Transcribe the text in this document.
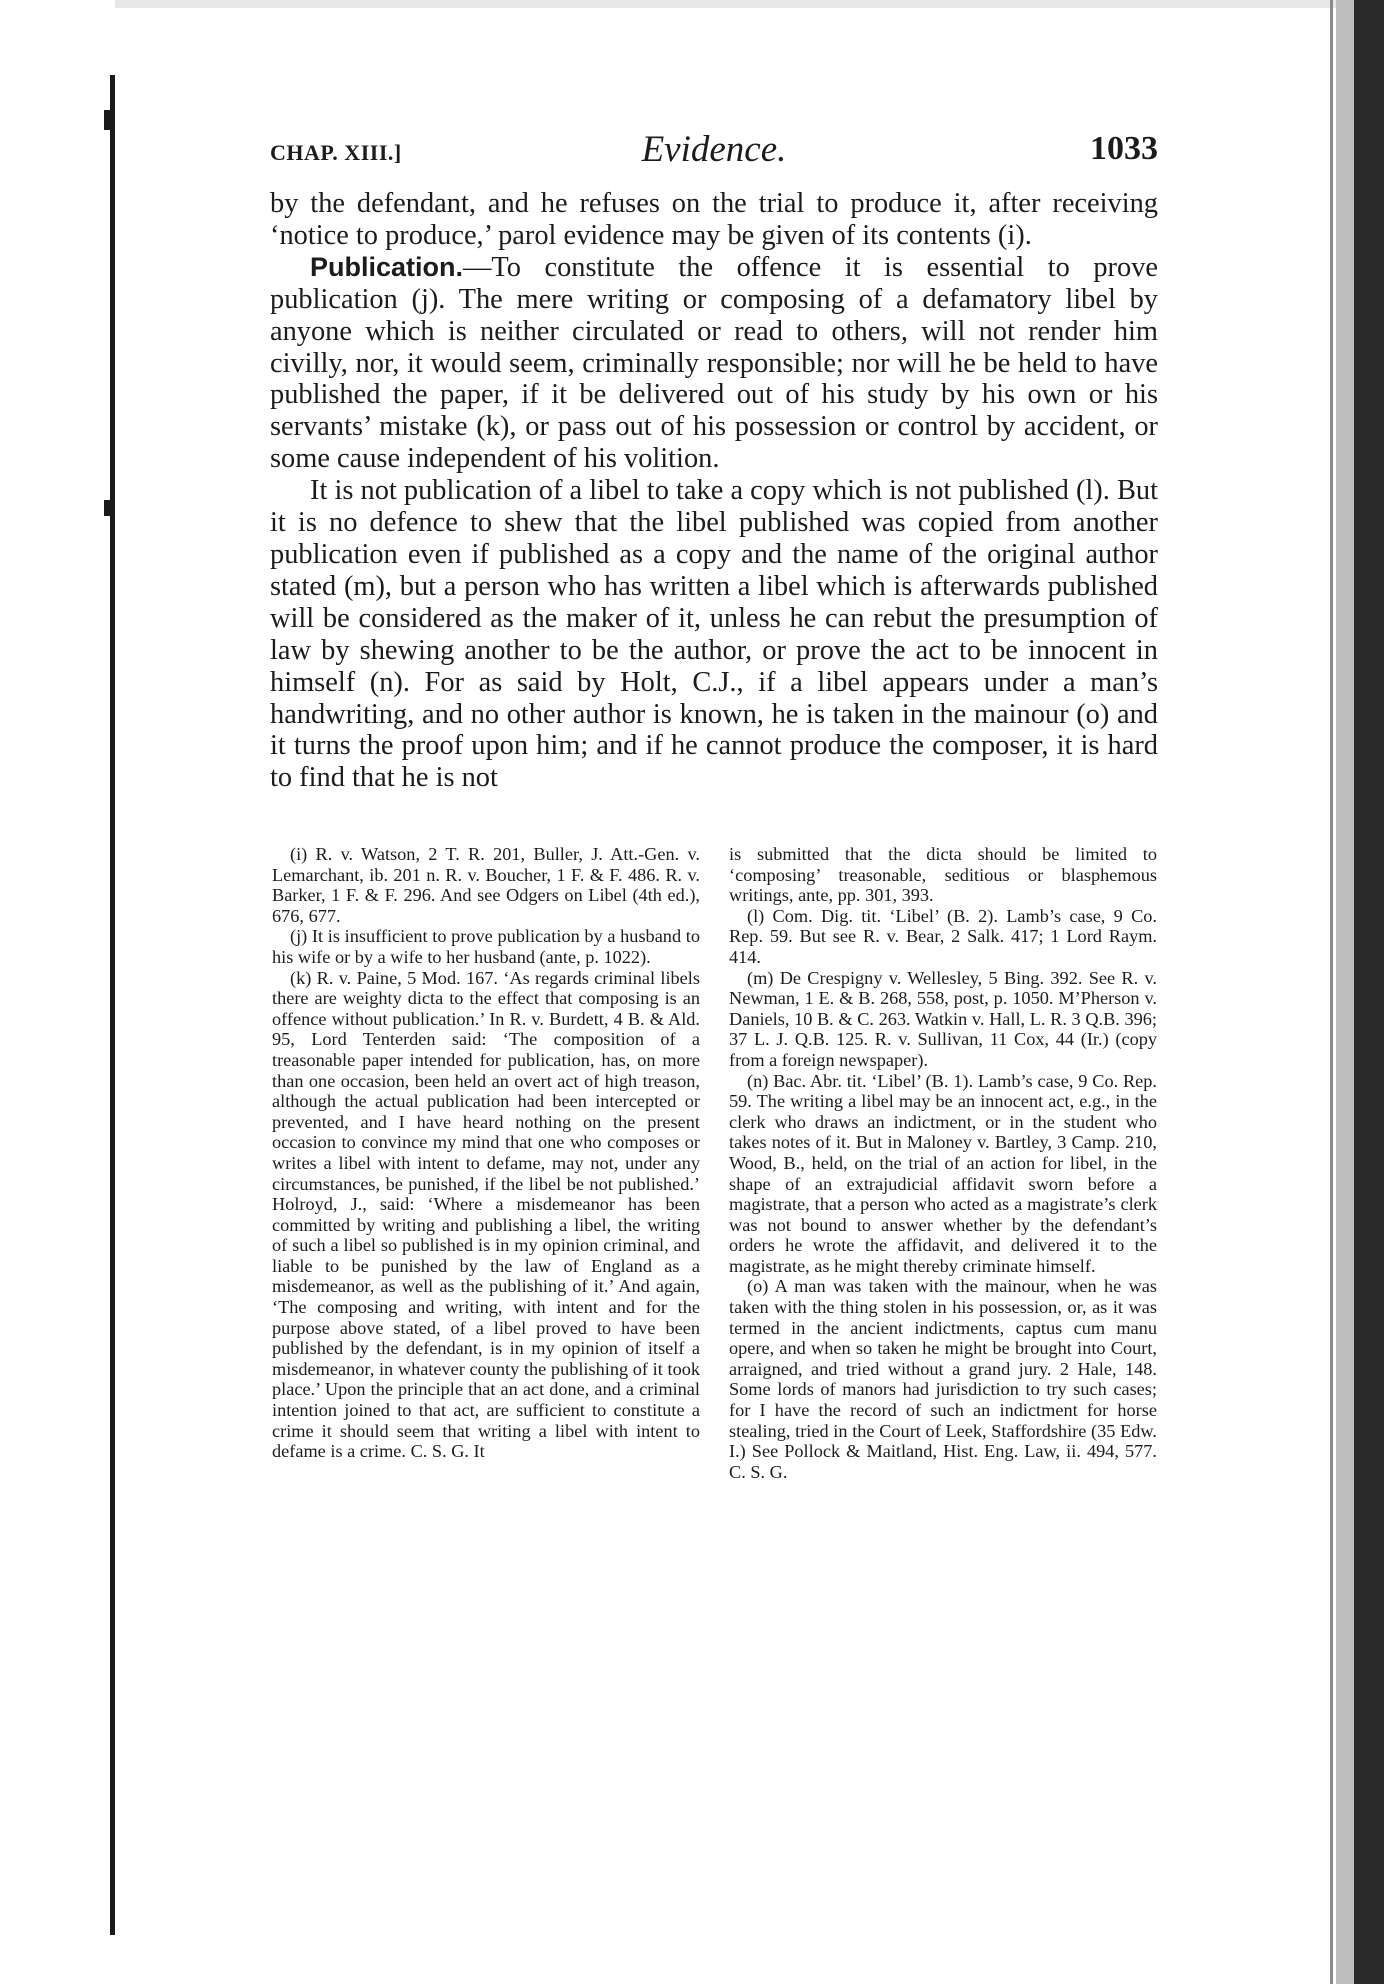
CHAP. XIII.]	Evidence.	1033

by the defendant, and he refuses on the trial to produce it, after receiving ‘notice to produce,’ parol evidence may be given of its contents (i).

Publication.—To constitute the offence it is essential to prove publication (j). The mere writing or composing of a defamatory libel by anyone which is neither circulated or read to others, will not render him civilly, nor, it would seem, criminally responsible; nor will he be held to have published the paper, if it be delivered out of his study by his own or his servants’ mistake (k), or pass out of his possession or control by accident, or some cause independent of his volition.

It is not publication of a libel to take a copy which is not published (l). But it is no defence to shew that the libel published was copied from another publication even if published as a copy and the name of the original author stated (m), but a person who has written a libel which is afterwards published will be considered as the maker of it, unless he can rebut the presumption of law by shewing another to be the author, or prove the act to be innocent in himself (n). For as said by Holt, C.J., if a libel appears under a man’s handwriting, and no other author is known, he is taken in the mainour (o) and it turns the proof upon him; and if he cannot produce the composer, it is hard to find that he is not

(i) R. v. Watson, 2 T. R. 201, Buller, J. Att.-Gen. v. Lemarchant, ib. 201 n. R. v. Boucher, 1 F. & F. 486. R. v. Barker, 1 F. & F. 296. And see Odgers on Libel (4th ed.), 676, 677.

(j) It is insufficient to prove publication by a husband to his wife or by a wife to her husband (ante, p. 1022).

(k) R. v. Paine, 5 Mod. 167. ‘As regards criminal libels there are weighty dicta to the effect that composing is an offence without publication.’ In R. v. Burdett, 4 B. & Ald. 95, Lord Tenterden said: ‘The composition of a treasonable paper intended for publication, has, on more than one occasion, been held an overt act of high treason, although the actual publication had been intercepted or prevented, and I have heard nothing on the present occasion to convince my mind that one who composes or writes a libel with intent to defame, may not, under any circumstances, be punished, if the libel be not published.’ Holroyd, J., said: ‘Where a misdemeanor has been committed by writing and publishing a libel, the writing of such a libel so published is in my opinion criminal, and liable to be punished by the law of England as a misdemeanor, as well as the publishing of it.’ And again, ‘The composing and writing, with intent and for the purpose above stated, of a libel proved to have been published by the defendant, is in my opinion of itself a misdemeanor, in whatever county the publishing of it took place.’ Upon the principle that an act done, and a criminal intention joined to that act, are sufficient to constitute a crime it should seem that writing a libel with intent to defame is a crime. C. S. G. It

is submitted that the dicta should be limited to ‘composing’ treasonable, seditious or blasphemous writings, ante, pp. 301, 393.

(l) Com. Dig. tit. ‘Libel’ (B. 2). Lamb’s case, 9 Co. Rep. 59. But see R. v. Bear, 2 Salk. 417; 1 Lord Raym. 414.

(m) De Crespigny v. Wellesley, 5 Bing. 392. See R. v. Newman, 1 E. & B. 268, 558, post, p. 1050. M’Pherson v. Daniels, 10 B. & C. 263. Watkin v. Hall, L. R. 3 Q.B. 396; 37 L. J. Q.B. 125. R. v. Sullivan, 11 Cox, 44 (Ir.) (copy from a foreign newspaper).

(n) Bac. Abr. tit. ‘Libel’ (B. 1). Lamb’s case, 9 Co. Rep. 59. The writing a libel may be an innocent act, e.g., in the clerk who draws an indictment, or in the student who takes notes of it. But in Maloney v. Bartley, 3 Camp. 210, Wood, B., held, on the trial of an action for libel, in the shape of an extrajudicial affidavit sworn before a magistrate, that a person who acted as a magistrate’s clerk was not bound to answer whether by the defendant’s orders he wrote the affidavit, and delivered it to the magistrate, as he might thereby criminate himself.

(o) A man was taken with the mainour, when he was taken with the thing stolen in his possession, or, as it was termed in the ancient indictments, captus cum manu opere, and when so taken he might be brought into Court, arraigned, and tried without a grand jury. 2 Hale, 148. Some lords of manors had jurisdiction to try such cases; for I have the record of such an indictment for horse stealing, tried in the Court of Leek, Staffordshire (35 Edw. I.) See Pollock & Maitland, Hist. Eng. Law, ii. 494, 577. C. S. G.
